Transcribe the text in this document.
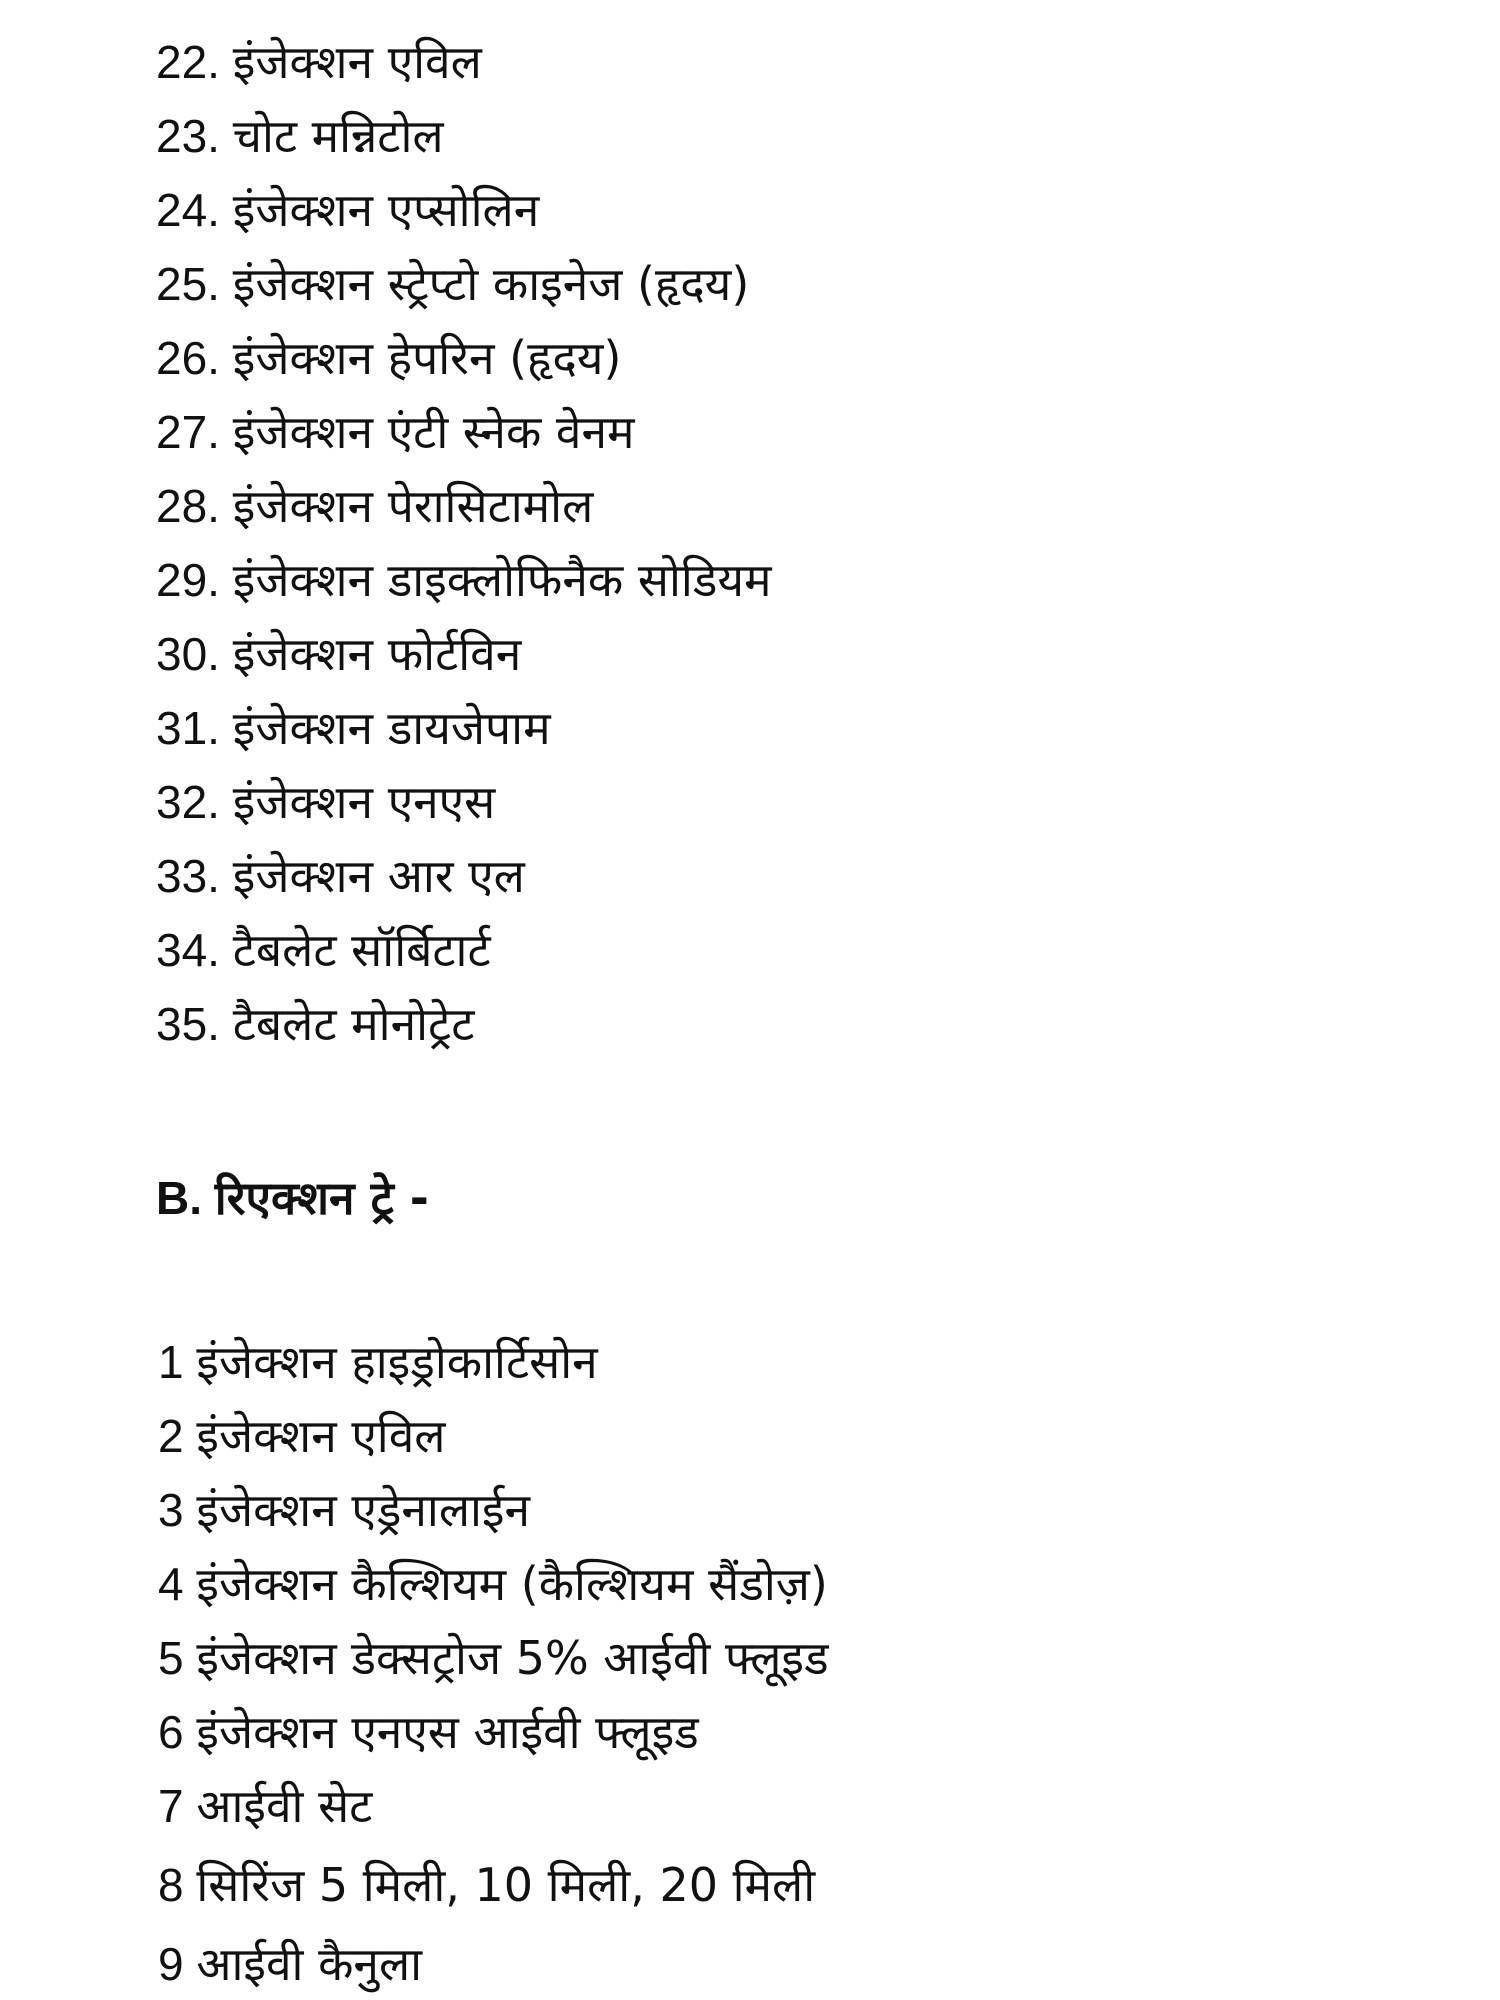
22 . इंजेक्शन एविल
23 . चोट मन्निटोल
24 . इंजेक्शन एप्सोलिन
25 . इंजेक्शन स्ट्रेप्टो काइनेज (हृदय)
26 . इंजेक्शन हेपरिन (हृदय)
27 . इंजेक्शन एंटी स्नेक वेनम
28 . इंजेक्शन पेरासिटामोल
29 . इंजेक्शन डाइक्लोफिनैक सोडियम
30 . इंजेक्शन फोर्टविन
31 . इंजेक्शन डायजेपाम
32 . इंजेक्शन एनएस
33 . इंजेक्शन आर एल
34 . टैबलेट सॉर्बिटार्ट
35 . टैबलेट मोनोट्रेट
B. रिएक्शन ट्रे -
1 इंजेक्शन हाइड्रोकार्टिसोन
2 इंजेक्शन एविल
3 इंजेक्शन एड्रेनालाईन
4 इंजेक्शन कैल्शियम (कैल्शियम सैंडोज़)
5 इंजेक्शन डेक्सट्रोज 5% आईवी फ्लूइड
6 इंजेक्शन एनएस आईवी फ्लूइड
7 आईवी सेट
8 सिरिंज 5 मिली, 10 मिली, 20 मिली
9 आईवी कैनुला
